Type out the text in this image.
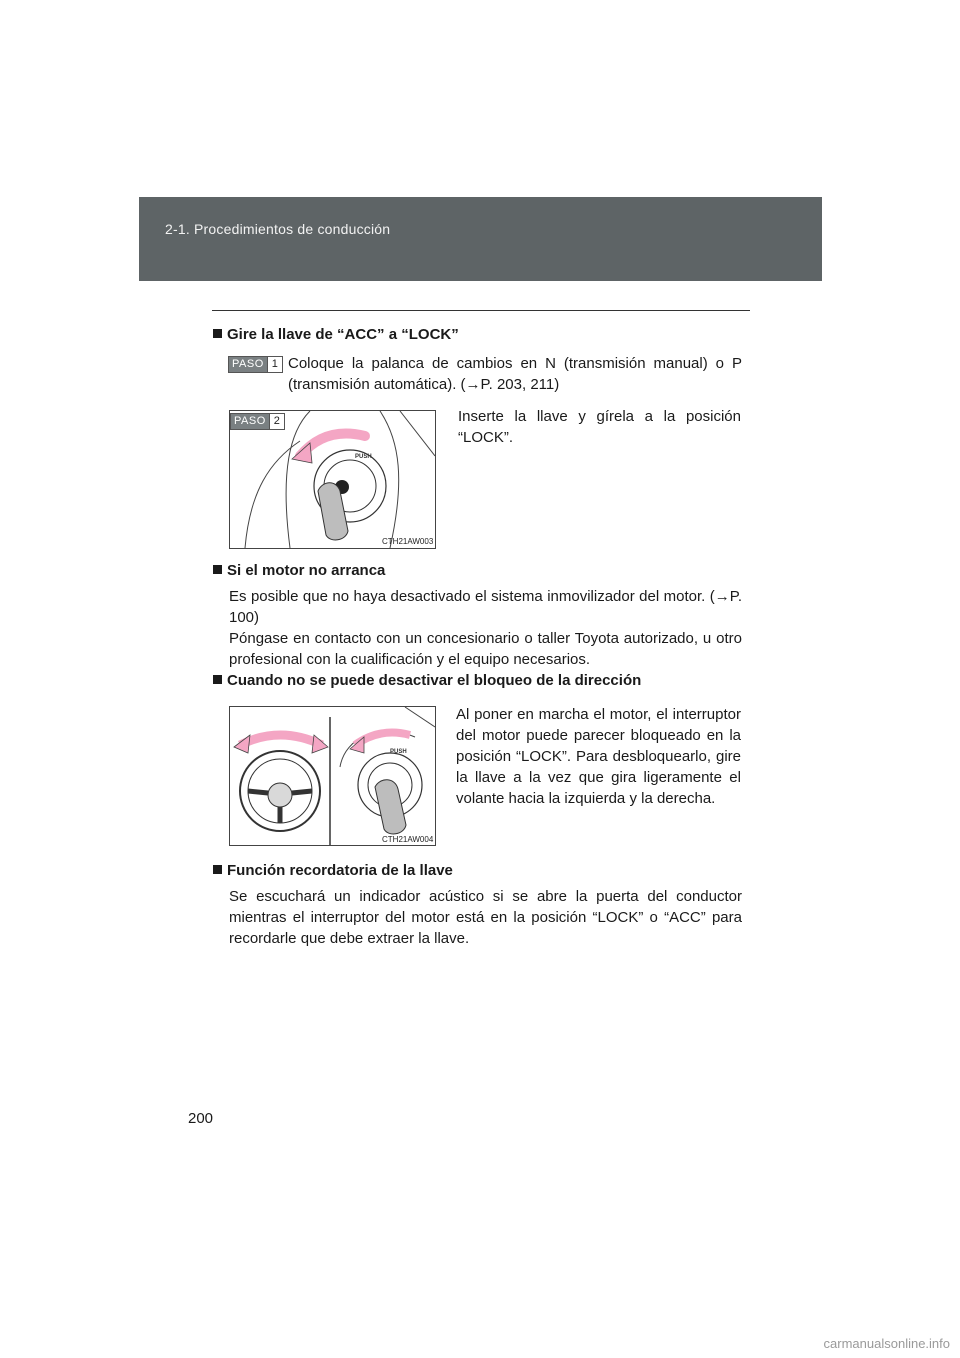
2-1. Procedimientos de conducción
Gire la llave de “ACC” a “LOCK”
PASO 1 Coloque la palanca de cambios en N (transmisión manual) o P (transmisión automática). (→P. 203, 211)
PUSH
PASO 2
CTH21AW003
Inserte la llave y gírela a la posición “LOCK”.
Si el motor no arranca
Es posible que no haya desactivado el sistema inmovilizador del motor. (→P. 100)
Póngase en contacto con un concesionario o taller Toyota autorizado, u otro profesional con la cualificación y el equipo necesarios.
Cuando no se puede desactivar el bloqueo de la dirección
PUSH
CTH21AW004
Al poner en marcha el motor, el interruptor del motor puede parecer bloqueado en la posición “LOCK”. Para desbloquearlo, gire la llave a la vez que gira ligeramente el volante hacia la izquierda y la derecha.
Función recordatoria de la llave
Se escuchará un indicador acústico si se abre la puerta del conductor mientras el interruptor del motor está en la posición “LOCK” o “ACC” para recordarle que debe extraer la llave.
200
carmanualsonline.info
